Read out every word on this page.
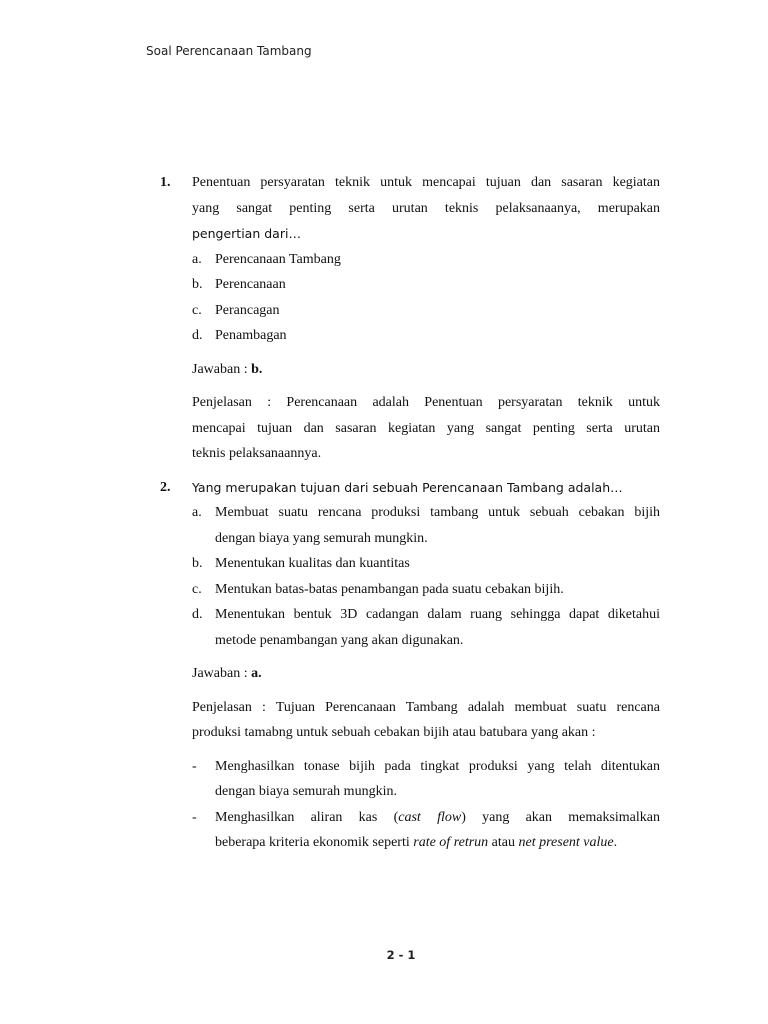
Soal Perencanaan Tambang
1.	Penentuan persyaratan teknik untuk mencapai tujuan dan sasaran kegiatan
yang sangat penting serta urutan teknis pelaksanaanya, merupakan
pengertian dari…
a. Perencanaan Tambang
b. Perencanaan
c. Perancagan
d. Penambagan
Jawaban : b.
Penjelasan : Perencanaan adalah Penentuan persyaratan teknik untuk
mencapai tujuan dan sasaran kegiatan yang sangat penting serta urutan
teknis pelaksanaannya.
2.	Yang merupakan tujuan dari sebuah Perencanaan Tambang adalah…
a. Membuat suatu rencana produksi tambang untuk sebuah cebakan bijih
dengan biaya yang semurah mungkin.
b. Menentukan kualitas dan kuantitas
c. Mentukan batas-batas penambangan pada suatu cebakan bijih.
d. Menentukan bentuk 3D cadangan dalam ruang sehingga dapat diketahui
metode penambangan yang akan digunakan.
Jawaban : a.
Penjelasan : Tujuan Perencanaan Tambang adalah membuat suatu rencana
produksi tamabng untuk sebuah cebakan bijih atau batubara yang akan :
-	Menghasilkan tonase bijih pada tingkat produksi yang telah ditentukan
dengan biaya semurah mungkin.
-	Menghasilkan aliran kas (cast flow) yang akan memaksimalkan
beberapa kriteria ekonomik seperti rate of retrun atau net present value.
2 - 1
